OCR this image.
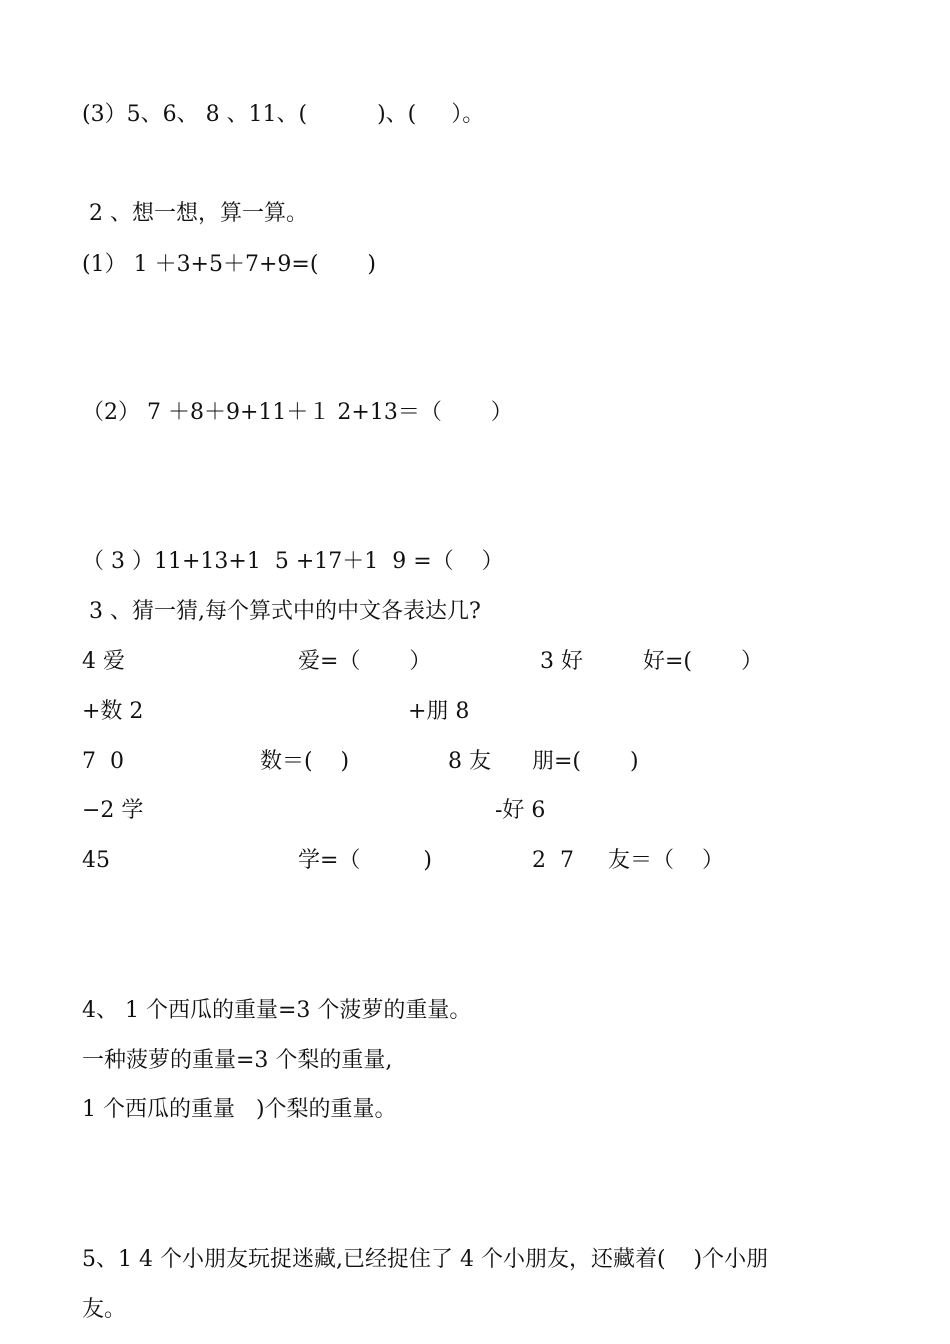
(3）5、6、 8 、11、(          )、(     ）。
2 、想一想，算一算。
(1） 1 ＋3+5＋7+9=(       )
（2） 7 ＋8＋9+11＋１ 2+13＝（       ）
（ 3 ）11+13+1  5 +17＋1  9 =（    ）
3 、猜一猜,每个算式中的中文各表达几?
4 爱
+数 2
7  0
−2 学
45
爱=（       ）
数＝(    )
学=（         )
3 好
+朋 8
8 友
-好 6
2  7
好=(       ）
朋=(       )
友＝（    ）
4、 1 个西瓜的重量=3 个菠萝的重量。
一种菠萝的重量=3 个梨的重量,
1 个西瓜的重量   )个梨的重量。
5、1 4 个小朋友玩捉迷藏,已经捉住了 4 个小朋友，还藏着(    )个小朋
友。
